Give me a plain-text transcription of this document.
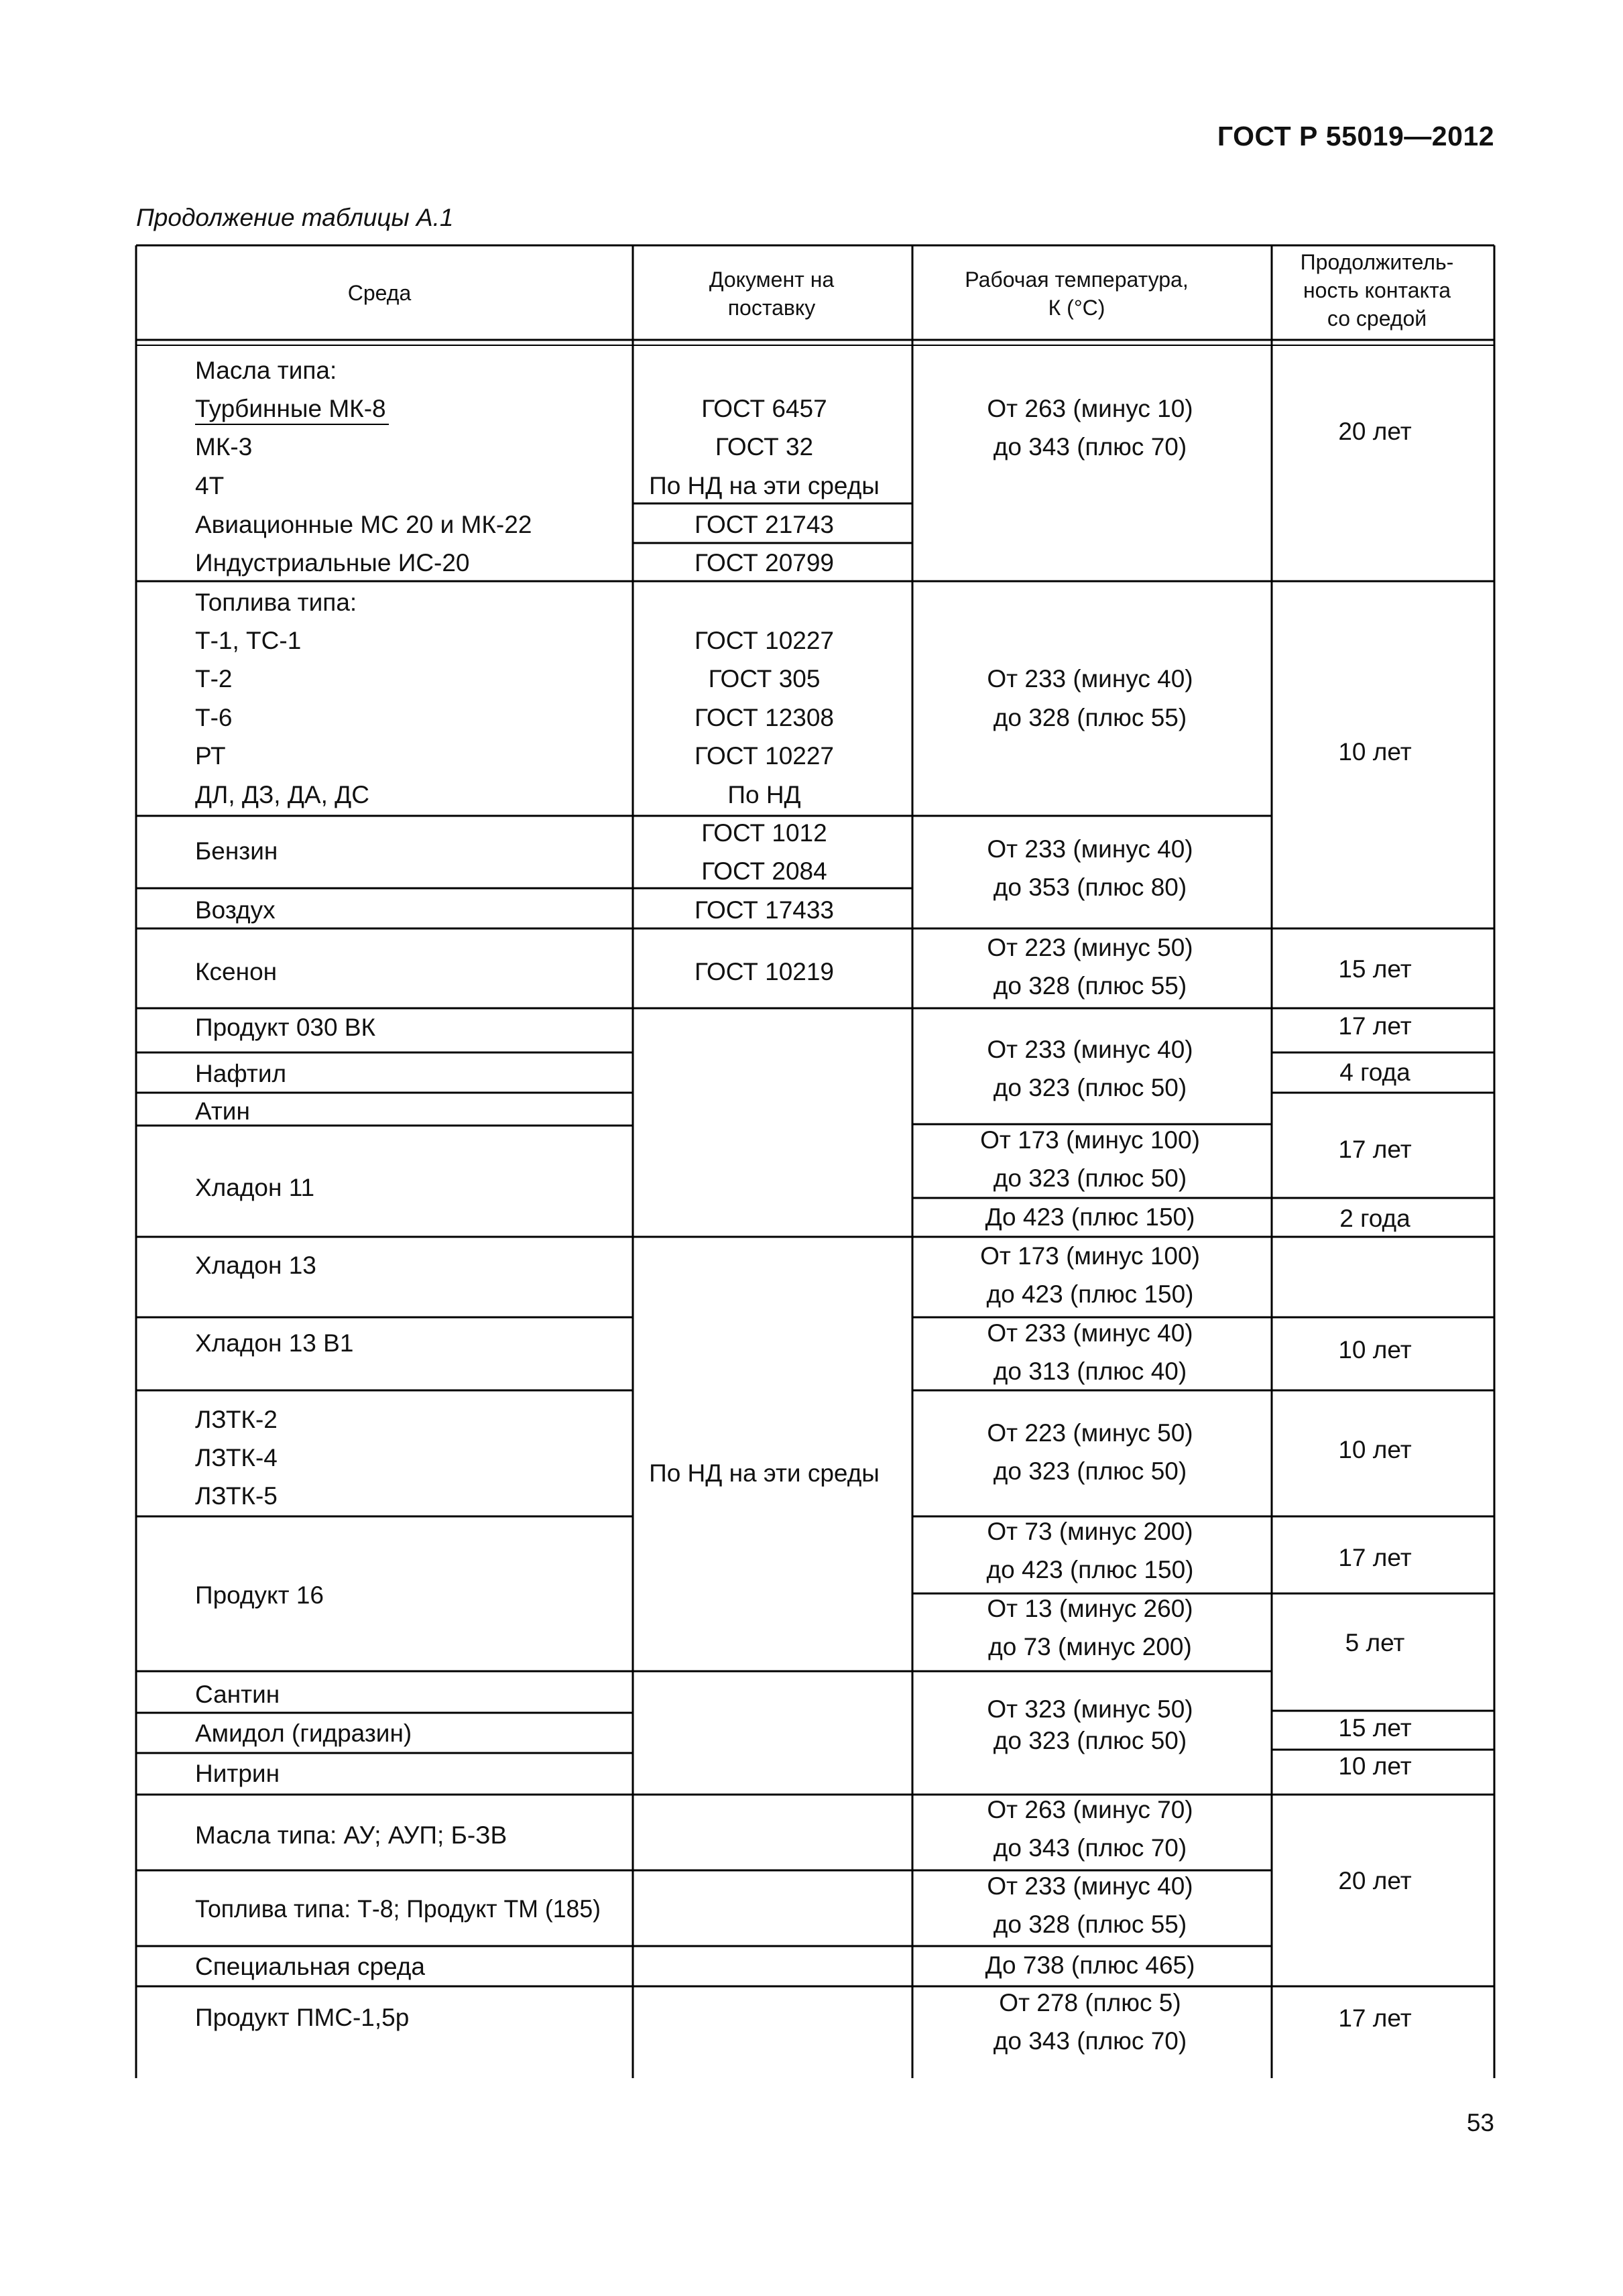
ГОСТ Р 55019—2012
Продолжение таблицы А.1
Среда
Документ на
поставку
Рабочая температура,
К (°С)
Продолжитель-
ность контакта
со средой
Масла типа:
Турбинные МК-8
МК-3
4Т
Авиационные МС 20 и МК-22
Индустриальные ИС-20
Топлива типа:
Т-1, ТС-1
Т-2
Т-6
РТ
ДЛ, ДЗ, ДА, ДС
Бензин
Воздух
Ксенон
Продукт 030 ВК
Нафтил
Атин
Хладон 11
Хладон 13
Хладон 13 В1
ЛЗТК-2
ЛЗТК-4
ЛЗТК-5
Продукт 16
Сантин
Амидол (гидразин)
Нитрин
Масла типа: АУ; АУП; Б-ЗВ
Топлива типа: Т-8; Продукт ТМ (185)
Специальная среда
Продукт ПМС-1,5р
ГОСТ 6457
ГОСТ 32
По НД на эти среды
ГОСТ 21743
ГОСТ 20799
ГОСТ 10227
ГОСТ 305
ГОСТ 12308
ГОСТ 10227
По НД
ГОСТ 1012
ГОСТ 2084
ГОСТ 17433
ГОСТ 10219
По НД на эти среды
От 263 (минус 10)
до 343 (плюс 70)
От 233 (минус 40)
до 328 (плюс 55)
От 233 (минус 40)
до 353 (плюс 80)
От 223 (минус 50)
до 328 (плюс 55)
От 233 (минус 40)
до 323 (плюс 50)
От 173 (минус 100)
до 323 (плюс 50)
До 423 (плюс 150)
От 173 (минус 100)
до 423 (плюс 150)
От 233 (минус 40)
до 313 (плюс 40)
От 223 (минус 50)
до 323 (плюс 50)
От 73 (минус 200)
до 423 (плюс 150)
От 13 (минус 260)
до 73 (минус 200)
От 323 (минус 50)
до 323 (плюс 50)
От 263 (минус 70)
до 343 (плюс 70)
От 233 (минус 40)
до 328 (плюс 55)
До 738 (плюс 465)
От 278 (плюс 5)
до 343 (плюс 70)
20 лет
10 лет
15 лет
17 лет
4 года
17 лет
2 года
10 лет
10 лет
17 лет
5 лет
15 лет
10 лет
20 лет
17 лет
53
